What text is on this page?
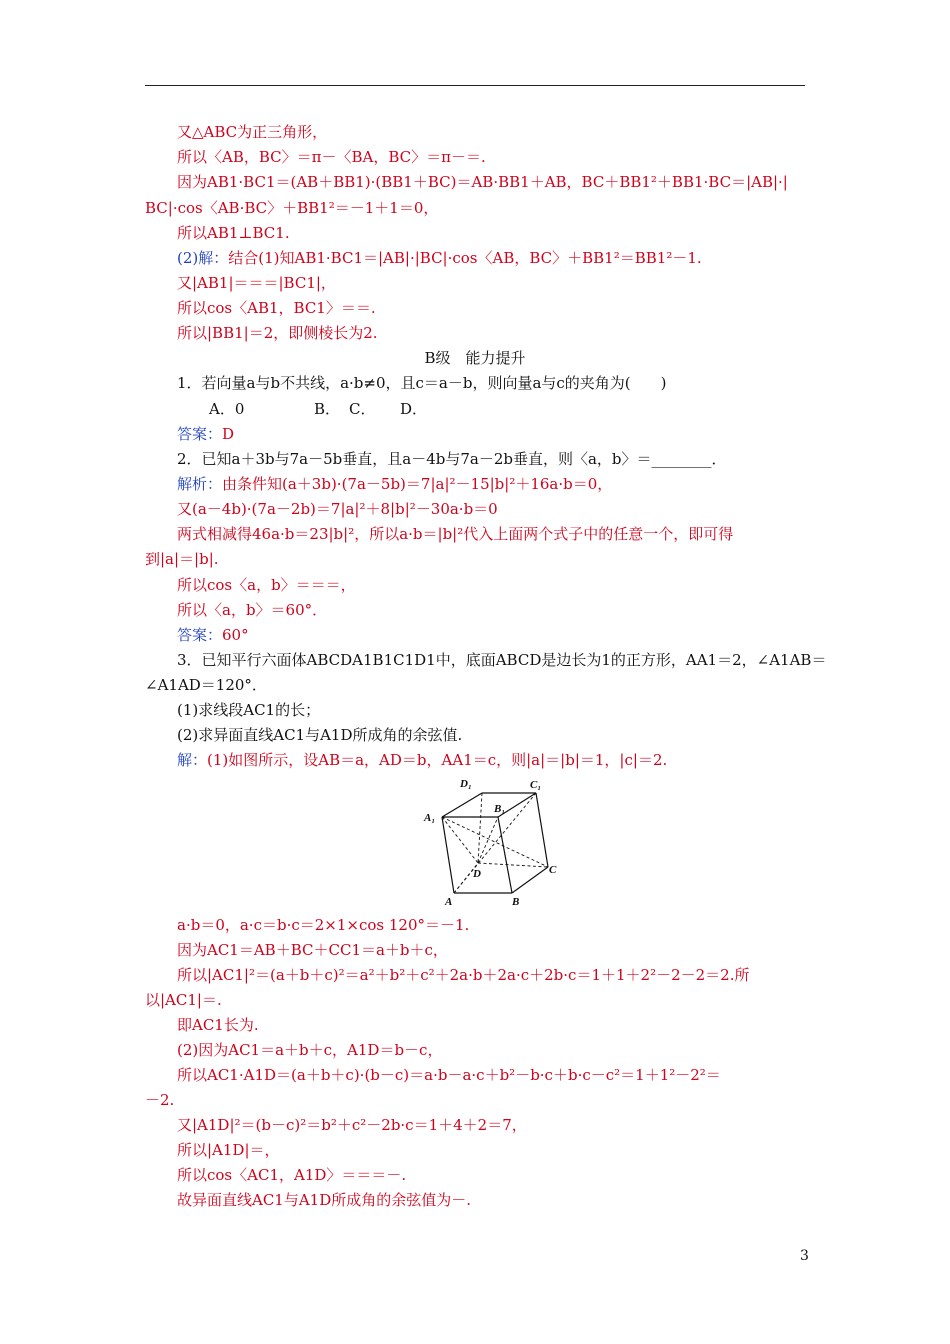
又△ABC为正三角形，
所以〈AB，BC〉＝π－〈BA，BC〉＝π－＝.
因为AB1·BC1＝(AB＋BB1)·(BB1＋BC)＝AB·BB1＋AB，BC＋BB1²＋BB1·BC＝|AB|·|
BC|·cos〈AB·BC〉＋BB1²＝－1＋1＝0，
所以AB1⊥BC1.
(2)解：结合(1)知AB1·BC1＝|AB|·|BC|·cos〈AB，BC〉＋BB1²＝BB1²－1.
又|AB1|＝＝＝|BC1|，
所以cos〈AB1，BC1〉＝＝.
所以|BB1|＝2，即侧棱长为2.
B级　能力提升
1．若向量a与b不共线，a·b≠0，且c＝a－b，则向量a与c的夹角为(　　)
A．0	B． C． D．
答案：D
2．已知a＋3b与7a－5b垂直，且a－4b与7a－2b垂直，则〈a，b〉＝________．
解析：由条件知(a＋3b)·(7a－5b)＝7|a|²－15|b|²＋16a·b＝0，
又(a－4b)·(7a－2b)＝7|a|²＋8|b|²－30a·b＝0
两式相减得46a·b＝23|b|²，所以a·b＝|b|²代入上面两个式子中的任意一个，即可得
到|a|＝|b|.
所以cos〈a，b〉＝＝＝，
所以〈a，b〉＝60°．
答案：60°
3．已知平行六面体ABCDA1B1C1D1中，底面ABCD是边长为1的正方形，AA1＝2，∠A1AB＝
∠A1AD＝120°．
(1)求线段AC1的长；
(2)求异面直线AC1与A1D所成角的余弦值.
解：(1)如图所示，设AB＝a，AD＝b，AA1＝c，则|a|＝|b|＝1，|c|＝2.
D₁	C₁
B₁
A₁
D	C
A	B
a·b＝0，a·c＝b·c＝2×1×cos 120°＝－1.
因为AC1＝AB＋BC＋CC1＝a＋b＋c，
所以|AC1|²＝(a＋b＋c)²＝a²＋b²＋c²＋2a·b＋2a·c＋2b·c＝1＋1＋2²－2－2＝2.所
以|AC1|＝.
即AC1长为.
(2)因为AC1＝a＋b＋c，A1D＝b－c，
所以AC1·A1D＝(a＋b＋c)·(b－c)＝a·b－a·c＋b²－b·c＋b·c－c²＝1＋1²－2²＝
－2.
又|A1D|²＝(b－c)²＝b²＋c²－2b·c＝1＋4＋2＝7，
所以|A1D|＝，
所以cos〈AC1，A1D〉＝＝＝－.
故异面直线AC1与A1D所成角的余弦值为－.
3
